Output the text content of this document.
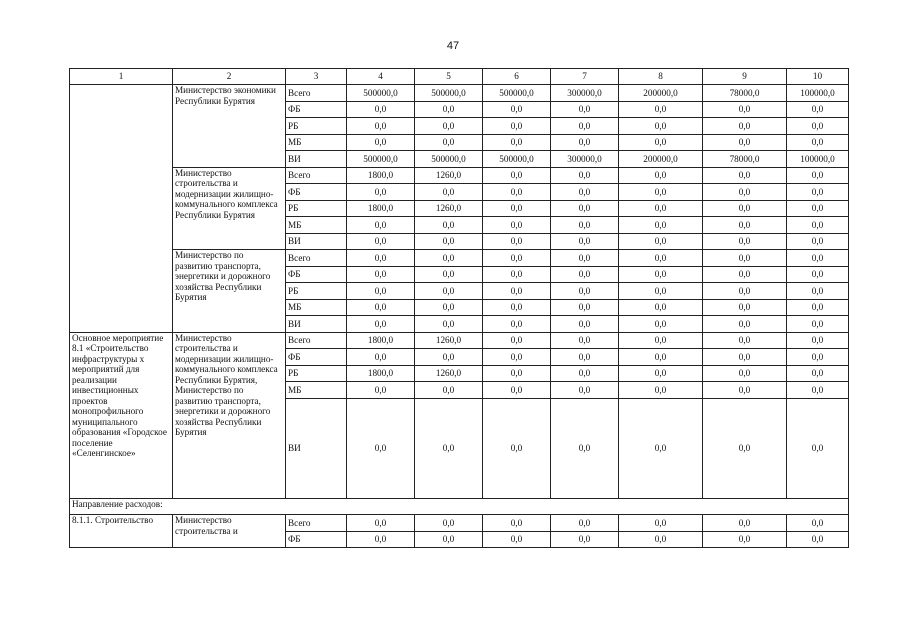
47
1	2	3	4	5	6	7	8	9	10
	Министерство экономики Республики Бурятия	Всего	500000,0	500000,0	500000,0	300000,0	200000,0	78000,0	100000,0
		ФБ	0,0	0,0	0,0	0,0	0,0	0,0	0,0
		РБ	0,0	0,0	0,0	0,0	0,0	0,0	0,0
		МБ	0,0	0,0	0,0	0,0	0,0	0,0	0,0
		ВИ	500000,0	500000,0	500000,0	300000,0	200000,0	78000,0	100000,0
	Министерство строительства и модернизации жилищно-коммунального комплекса Республики Бурятия	Всего	1800,0	1260,0	0,0	0,0	0,0	0,0	0,0
		ФБ	0,0	0,0	0,0	0,0	0,0	0,0	0,0
		РБ	1800,0	1260,0	0,0	0,0	0,0	0,0	0,0
		МБ	0,0	0,0	0,0	0,0	0,0	0,0	0,0
		ВИ	0,0	0,0	0,0	0,0	0,0	0,0	0,0
	Министерство по развитию транспорта, энергетики и дорожного хозяйства Республики Бурятия	Всего	0,0	0,0	0,0	0,0	0,0	0,0	0,0
		ФБ	0,0	0,0	0,0	0,0	0,0	0,0	0,0
		РБ	0,0	0,0	0,0	0,0	0,0	0,0	0,0
		МБ	0,0	0,0	0,0	0,0	0,0	0,0	0,0
		ВИ	0,0	0,0	0,0	0,0	0,0	0,0	0,0
Основное мероприятие 8.1 «Строительство инфраструктуры х мероприятий для реализации инвестиционных проектов монопрофильного муниципального образования «Городское поселение «Селенгинское»	Министерство строительства и модернизации жилищно-коммунального комплекса Республики Бурятия, Министерство по развитию транспорта, энергетики и дорожного хозяйства Республики Бурятия	Всего	1800,0	1260,0	0,0	0,0	0,0	0,0	0,0
		ФБ	0,0	0,0	0,0	0,0	0,0	0,0	0,0
		РБ	1800,0	1260,0	0,0	0,0	0,0	0,0	0,0
		МБ	0,0	0,0	0,0	0,0	0,0	0,0	0,0
		ВИ	0,0	0,0	0,0	0,0	0,0	0,0	0,0
Направление расходов:									
8.1.1. Строительство	Министерство строительства и	Всего	0,0	0,0	0,0	0,0	0,0	0,0	0,0
		ФБ	0,0	0,0	0,0	0,0	0,0	0,0	0,0
